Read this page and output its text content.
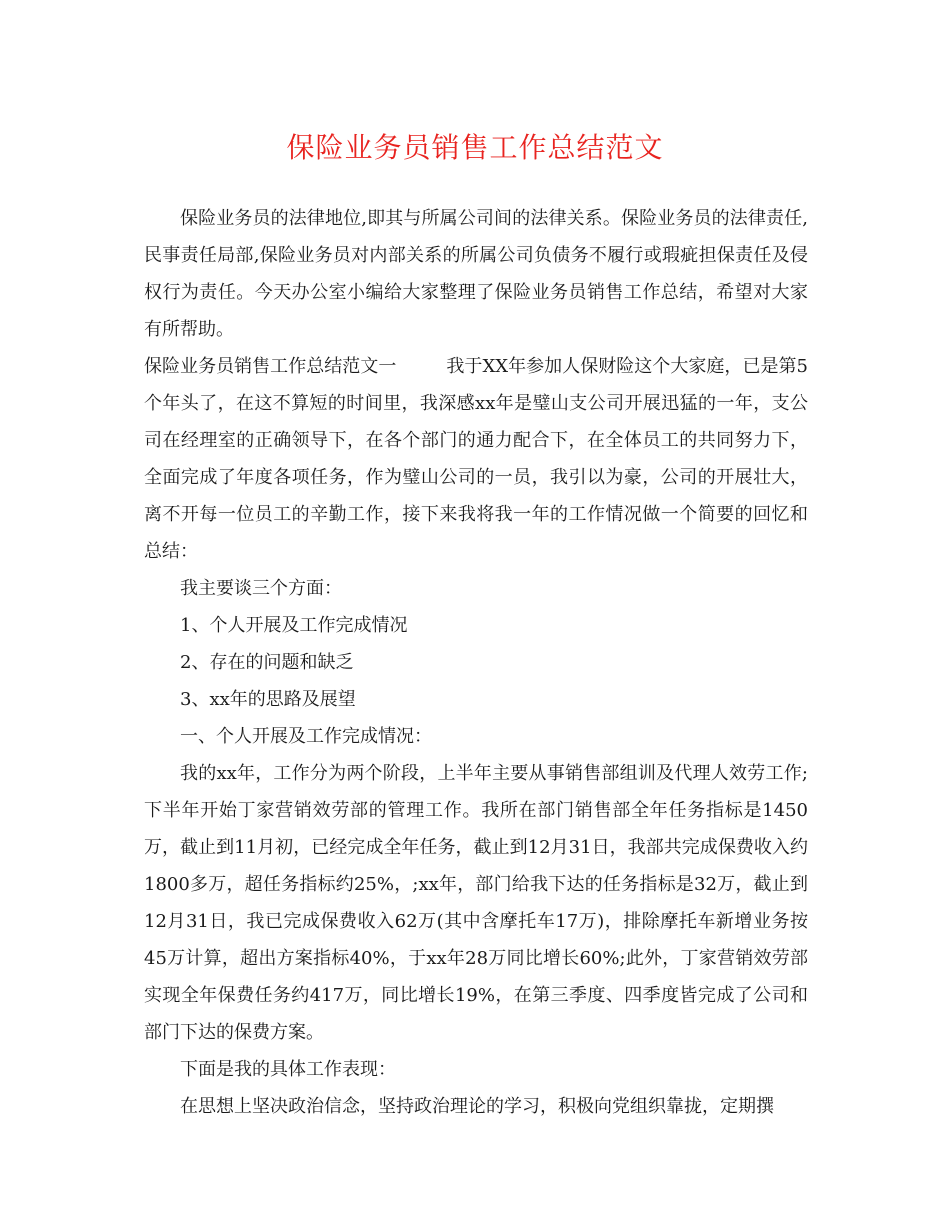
保险业务员销售工作总结范文

保险业务员的法律地位,即其与所属公司间的法律关系。保险业务员的法律责任,民事责任局部,保险业务员对内部关系的所属公司负债务不履行或瑕疵担保责任及侵权行为责任。今天办公室小编给大家整理了保险业务员销售工作总结，希望对大家有所帮助。

保险业务员销售工作总结范文一	我于XX年参加人保财险这个大家庭，已是第5个年头了，在这不算短的时间里，我深感xx年是璧山支公司开展迅猛的一年，支公司在经理室的正确领导下，在各个部门的通力配合下，在全体员工的共同努力下，全面完成了年度各项任务，作为璧山公司的一员，我引以为豪，公司的开展壮大，离不开每一位员工的辛勤工作，接下来我将我一年的工作情况做一个简要的回忆和总结：

我主要谈三个方面：

1、个人开展及工作完成情况

2、存在的问题和缺乏

3、xx年的思路及展望

一、个人开展及工作完成情况：

我的xx年，工作分为两个阶段，上半年主要从事销售部组训及代理人效劳工作;下半年开始丁家营销效劳部的管理工作。我所在部门销售部全年任务指标是1450万，截止到11月初，已经完成全年任务，截止到12月31日，我部共完成保费收入约1800多万，超任务指标约25%，;xx年，部门给我下达的任务指标是32万，截止到12月31日，我已完成保费收入62万(其中含摩托车17万)，排除摩托车新增业务按45万计算，超出方案指标40%，于xx年28万同比增长60%;此外，丁家营销效劳部实现全年保费任务约417万，同比增长19%，在第三季度、四季度皆完成了公司和部门下达的保费方案。

下面是我的具体工作表现：

在思想上坚决政治信念，坚持政治理论的学习，积极向党组织靠拢，定期撰
